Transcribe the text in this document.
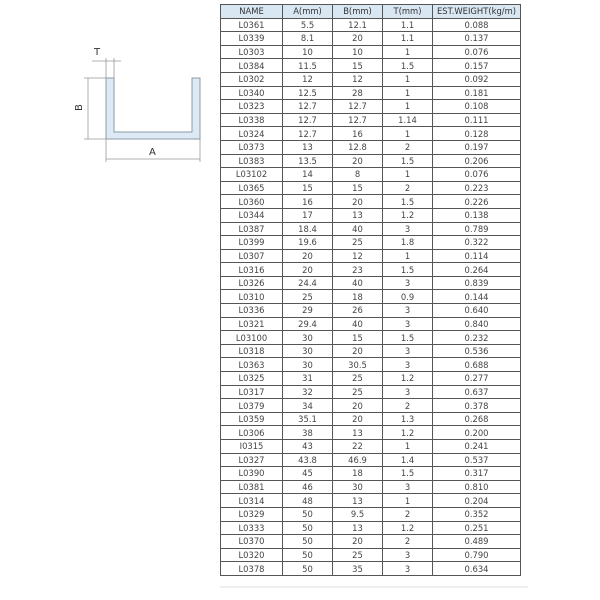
T
B
A
NAME	A(mm)	B(mm)	T(mm)	EST.WEIGHT(kg/m)
L0361	5.5	12.1	1.1	0.088
L0339	8.1	20	1.1	0.137
L0303	10	10	1	0.076
L0384	11.5	15	1.5	0.157
L0302	12	12	1	0.092
L0340	12.5	28	1	0.181
L0323	12.7	12.7	1	0.108
L0338	12.7	12.7	1.14	0.111
L0324	12.7	16	1	0.128
L0373	13	12.8	2	0.197
L0383	13.5	20	1.5	0.206
L03102	14	8	1	0.076
L0365	15	15	2	0.223
L0360	16	20	1.5	0.226
L0344	17	13	1.2	0.138
L0387	18.4	40	3	0.789
L0399	19.6	25	1.8	0.322
L0307	20	12	1	0.114
L0316	20	23	1.5	0.264
L0326	24.4	40	3	0.839
L0310	25	18	0.9	0.144
L0336	29	26	3	0.640
L0321	29.4	40	3	0.840
L03100	30	15	1.5	0.232
L0318	30	20	3	0.536
L0363	30	30.5	3	0.688
L0325	31	25	1.2	0.277
L0317	32	25	3	0.637
L0379	34	20	2	0.378
L0359	35.1	20	1.3	0.268
L0306	38	13	1.2	0.200
I0315	43	22	1	0.241
L0327	43.8	46.9	1.4	0.537
L0390	45	18	1.5	0.317
L0381	46	30	3	0.810
L0314	48	13	1	0.204
L0329	50	9.5	2	0.352
L0333	50	13	1.2	0.251
L0370	50	20	2	0.489
L0320	50	25	3	0.790
L0378	50	35	3	0.634
